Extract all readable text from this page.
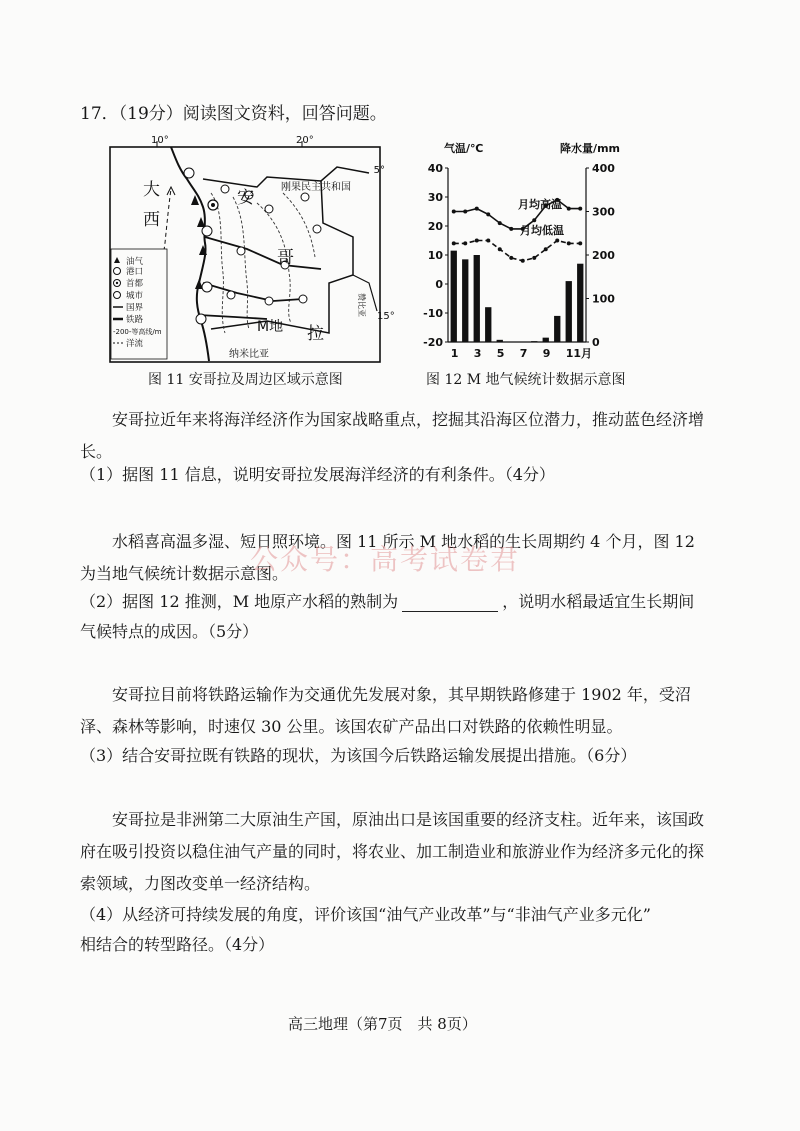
17．（19分）阅读图文资料，回答问题。
10°	20°
5°
15°
大
西
安
哥
拉
M地
刚果民主共和国
纳米比亚
赞比亚
油气
港口
首都
城市
国界
铁路
-200-等高线/m
洋流
图 11 安哥拉及周边区域示意图
气温/℃	降水量/mm
40
30
20
10
0
-10
-20
400
300
200
100
0
1 3 5 7 9 11月
月均高温
月均低温
图 12 M 地气候统计数据示意图
安哥拉近年来将海洋经济作为国家战略重点，挖掘其沿海区位潜力，推动蓝色经济增长。
（1）据图 11 信息，说明安哥拉发展海洋经济的有利条件。（4分）
水稻喜高温多湿、短日照环境。图 11 所示 M 地水稻的生长周期约 4 个月，图 12 为当地气候统计数据示意图。
公众号：高考试卷君
（2）据图 12 推测，M 地原产水稻的熟制为	，说明水稻最适宜生长期间
气候特点的成因。（5分）
安哥拉目前将铁路运输作为交通优先发展对象，其早期铁路修建于 1902 年，受沼泽、森林等影响，时速仅 30 公里。该国农矿产品出口对铁路的依赖性明显。
（3）结合安哥拉既有铁路的现状，为该国今后铁路运输发展提出措施。（6分）
安哥拉是非洲第二大原油生产国，原油出口是该国重要的经济支柱。近年来，该国政府在吸引投资以稳住油气产量的同时，将农业、加工制造业和旅游业作为经济多元化的探索领域，力图改变单一经济结构。
（4）从经济可持续发展的角度，评价该国“油气产业改革”与“非油气产业多元化”
相结合的转型路径。（4分）
高三地理（第7页　共 8页）
